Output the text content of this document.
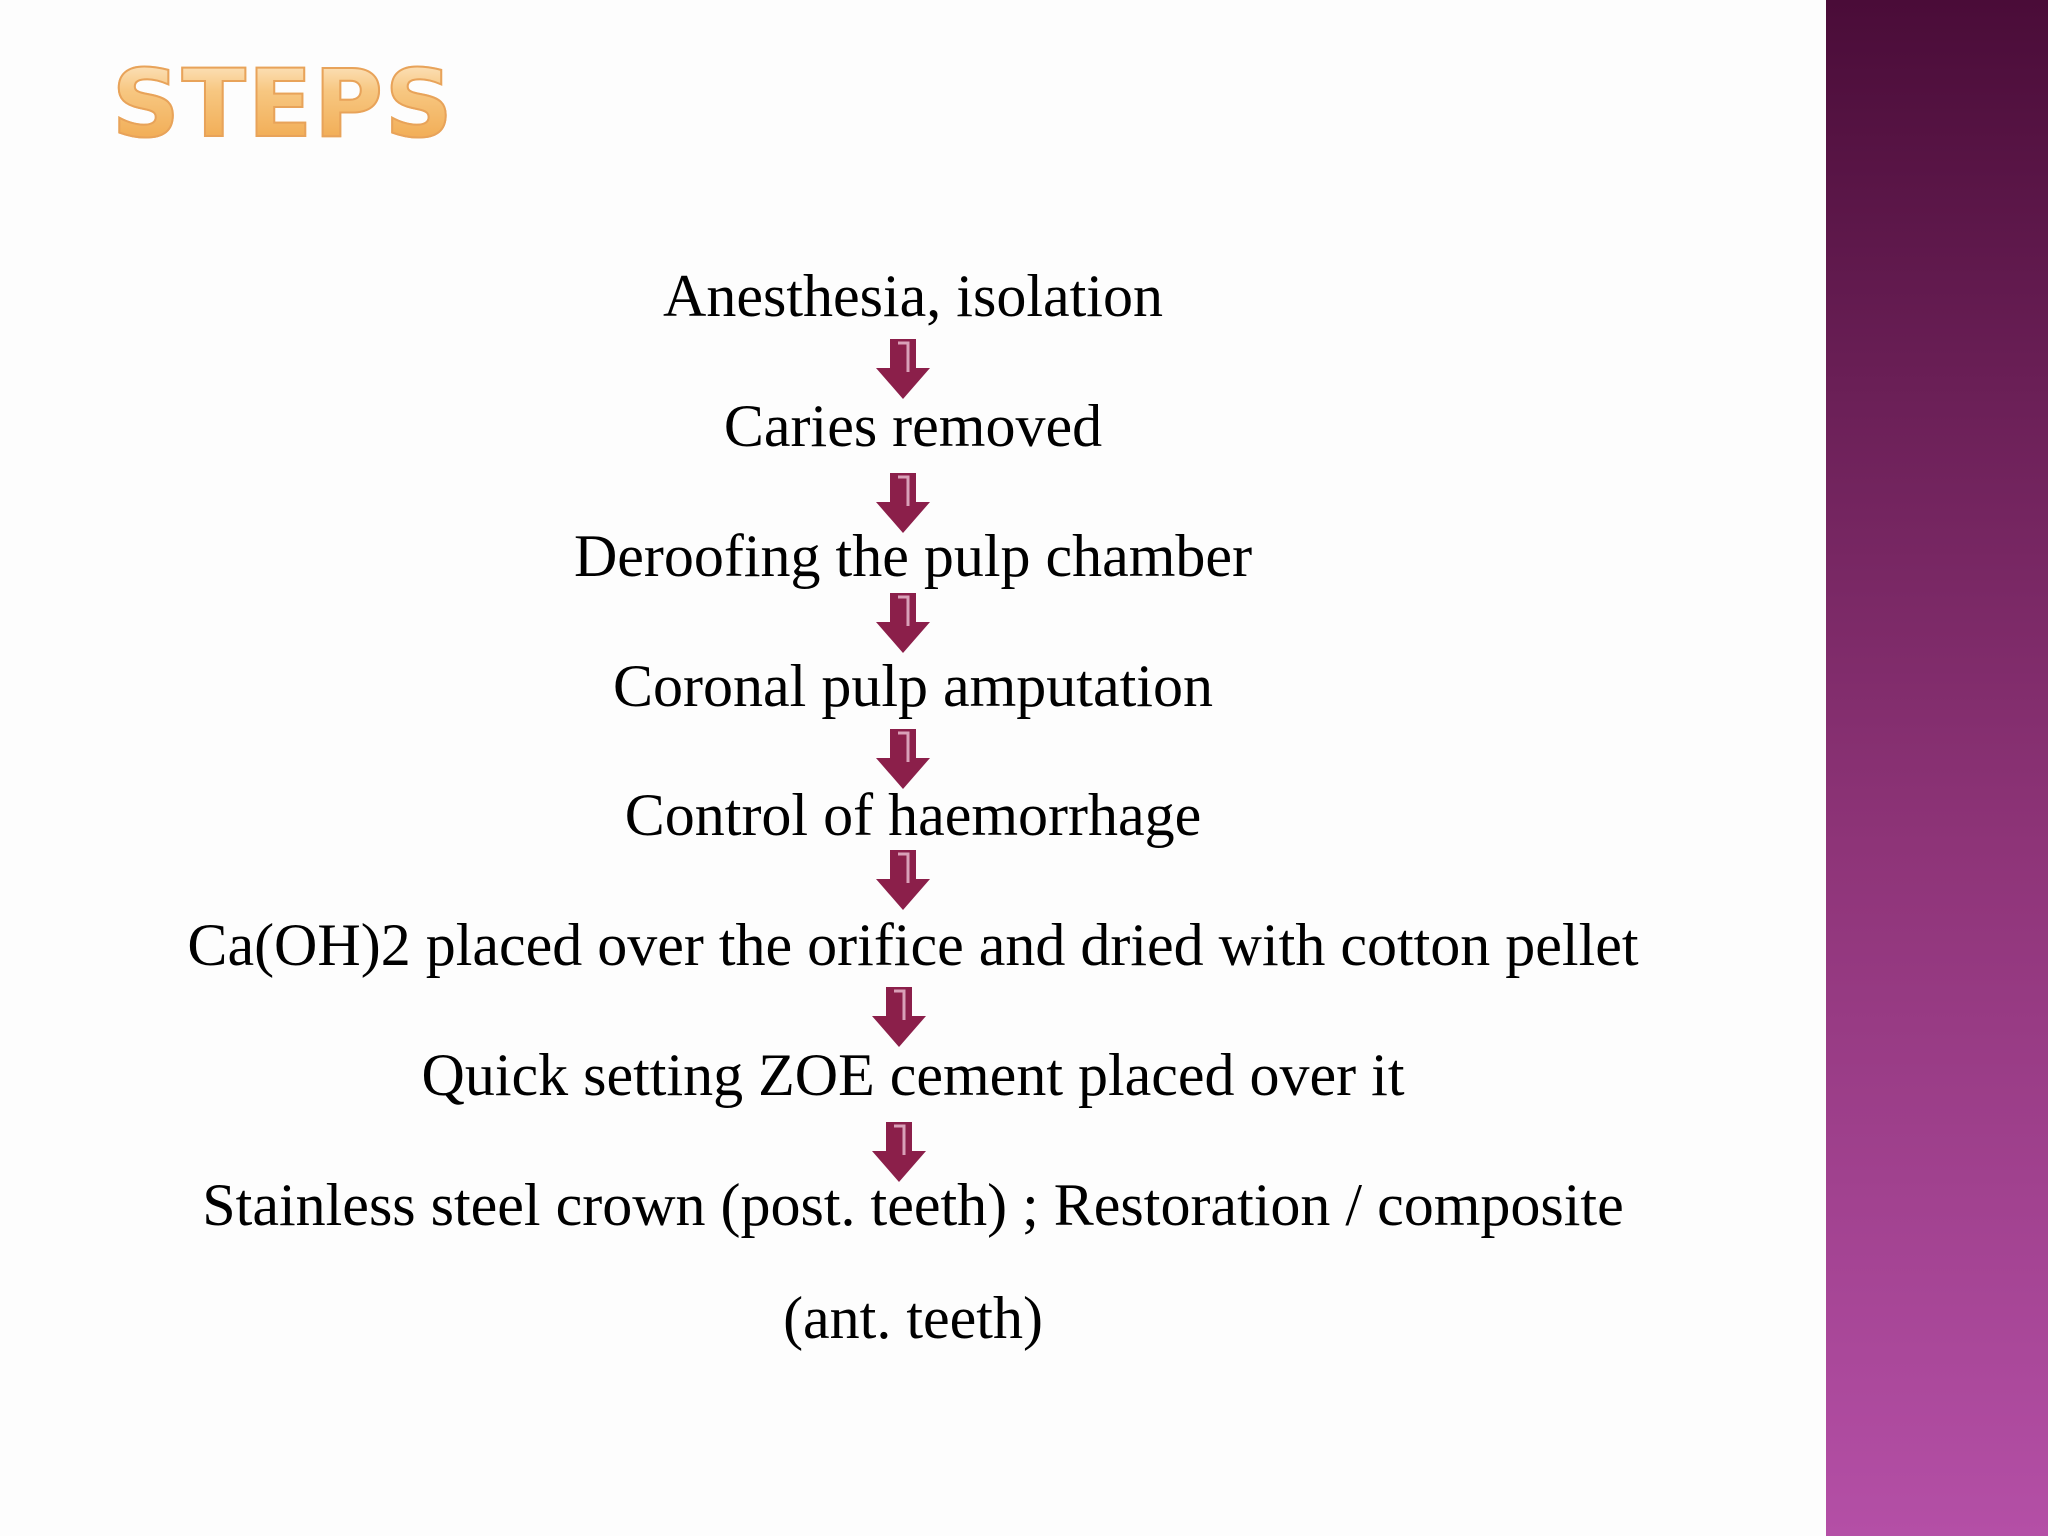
STEPS
Anesthesia, isolation
Caries removed
Deroofing the pulp chamber
Coronal pulp amputation
Control of haemorrhage
Ca(OH)2 placed over the orifice and dried with cotton pellet
Quick setting ZOE cement placed over it
Stainless steel crown (post. teeth) ; Restoration / composite
(ant. teeth)
